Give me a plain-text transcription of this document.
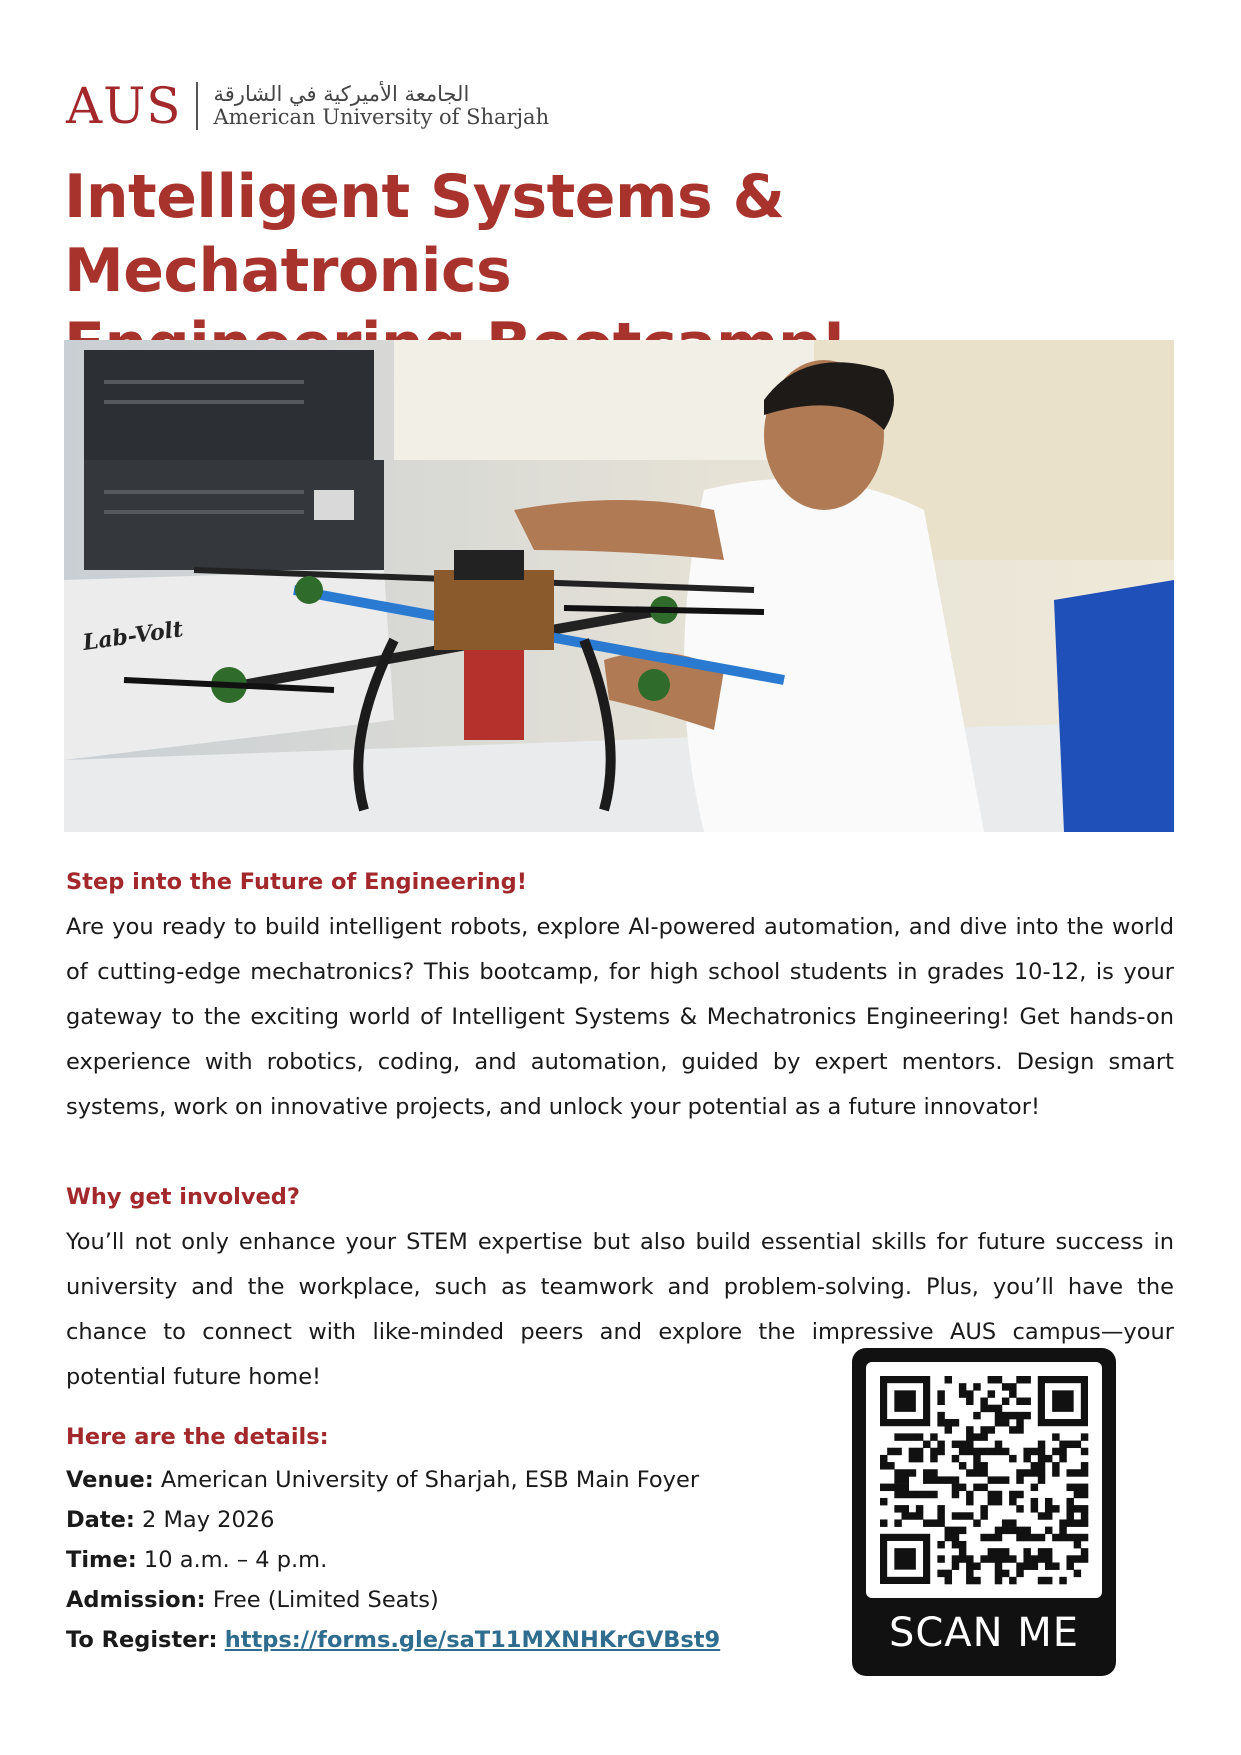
AUS الجامعة الأميركية في الشارقة
American University of Sharjah
Intelligent Systems & Mechatronics

Lab-Volt

Step into the Future of Engineering!

Are you ready to build intelligent robots, explore AI-powered automation, and dive into the world of cutting-edge mechatronics? This bootcamp, for high school students in grades 10-12, is your gateway to the exciting world of Intelligent Systems & Mechatronics Engineering! Get hands-on experience with robotics, coding, and automation, guided by expert mentors. Design smart systems, work on innovative projects, and unlock your potential as a future innovator!

Why get involved?

You’ll not only enhance your STEM expertise but also build essential skills for future success in university and the workplace, such as teamwork and problem-solving. Plus, you’ll have the chance to connect with like-minded peers and explore the impressive AUS campus—your potential future home!

Here are the details:
Venue: American University of Sharjah, ESB Main Foyer
Date: 2 May 2026
Time: 10 a.m. – 4 p.m.
Admission: Free (Limited Seats)
To Register: https://forms.gle/saT11MXNHKrGVBst9	SCAN ME
